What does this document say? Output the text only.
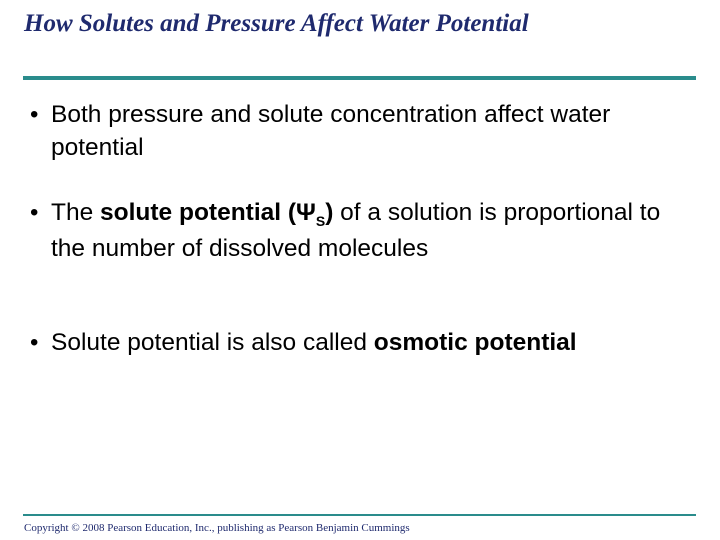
How Solutes and Pressure Affect Water Potential
• Both pressure and solute concentration affect water potential
• The solute potential $(\Psi_S)$ of a solution is proportional to the number of dissolved molecules
• Solute potential is also called osmotic potential
Copyright © 2008 Pearson Education, Inc., publishing as Pearson Benjamin Cummings
